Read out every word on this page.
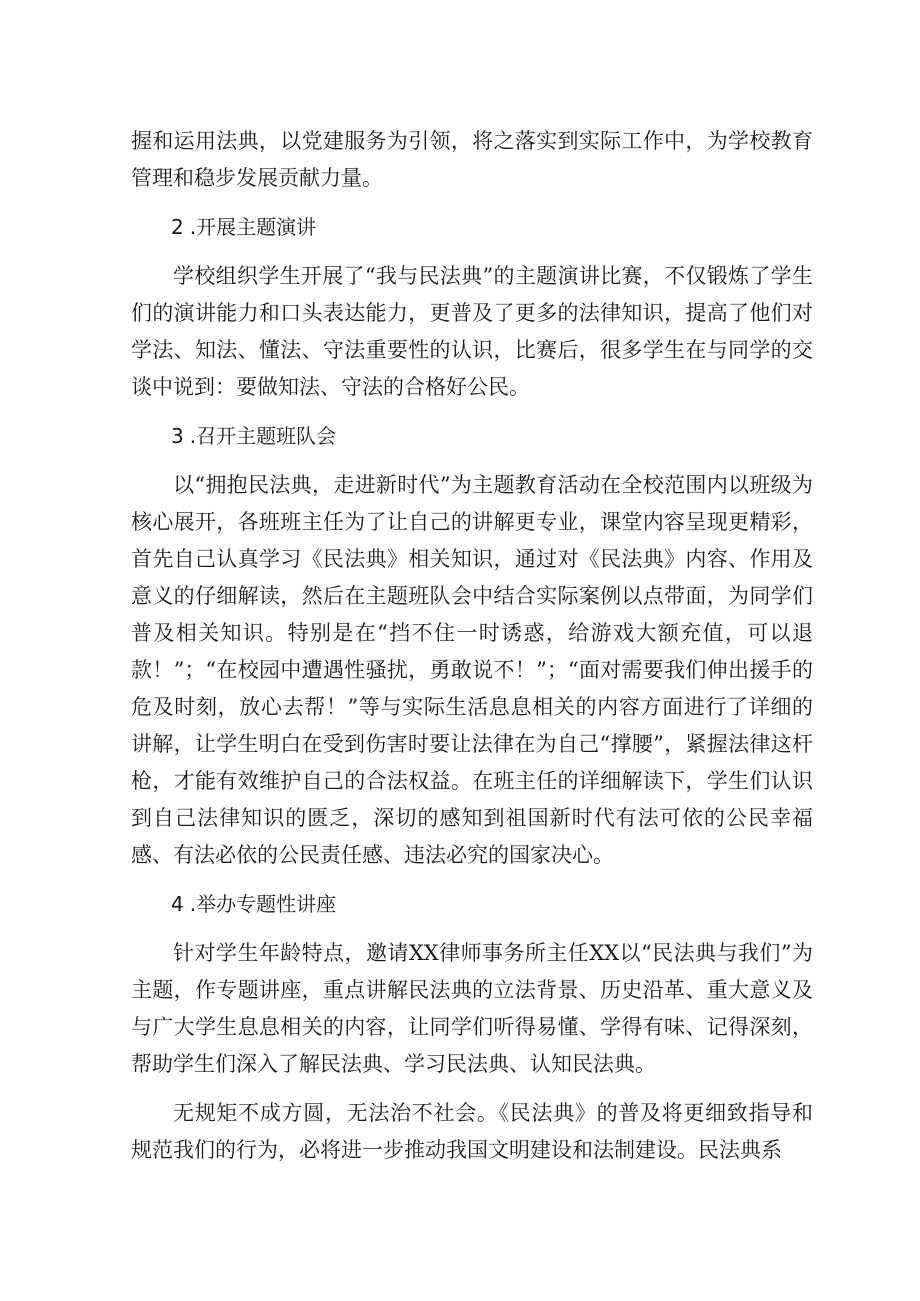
握和运用法典，以党建服务为引领，将之落实到实际工作中，为学校教育管理和稳步发展贡献力量。

2 .开展主题演讲

学校组织学生开展了“我与民法典”的主题演讲比赛，不仅锻炼了学生们的演讲能力和口头表达能力，更普及了更多的法律知识，提高了他们对学法、知法、懂法、守法重要性的认识，比赛后，很多学生在与同学的交谈中说到：要做知法、守法的合格好公民。

3 .召开主题班队会

以“拥抱民法典，走进新时代”为主题教育活动在全校范围内以班级为核心展开，各班班主任为了让自己的讲解更专业，课堂内容呈现更精彩，首先自己认真学习《民法典》相关知识，通过对《民法典》内容、作用及意义的仔细解读，然后在主题班队会中结合实际案例以点带面，为同学们普及相关知识。特别是在“挡不住一时诱惑，给游戏大额充值，可以退款！”；“在校园中遭遇性骚扰，勇敢说不！”；“面对需要我们伸出援手的危及时刻，放心去帮！”等与实际生活息息相关的内容方面进行了详细的讲解，让学生明白在受到伤害时要让法律在为自己“撑腰”，紧握法律这杆枪，才能有效维护自己的合法权益。在班主任的详细解读下，学生们认识到自己法律知识的匮乏，深切的感知到祖国新时代有法可依的公民幸福感、有法必依的公民责任感、违法必究的国家决心。

4 .举办专题性讲座

针对学生年龄特点，邀请XX律师事务所主任XX以“民法典与我们”为主题，作专题讲座，重点讲解民法典的立法背景、历史沿革、重大意义及与广大学生息息相关的内容，让同学们听得易懂、学得有味、记得深刻，帮助学生们深入了解民法典、学习民法典、认知民法典。

无规矩不成方圆，无法治不社会。《民法典》的普及将更细致指导和规范我们的行为，必将进一步推动我国文明建设和法制建设。民法典系
